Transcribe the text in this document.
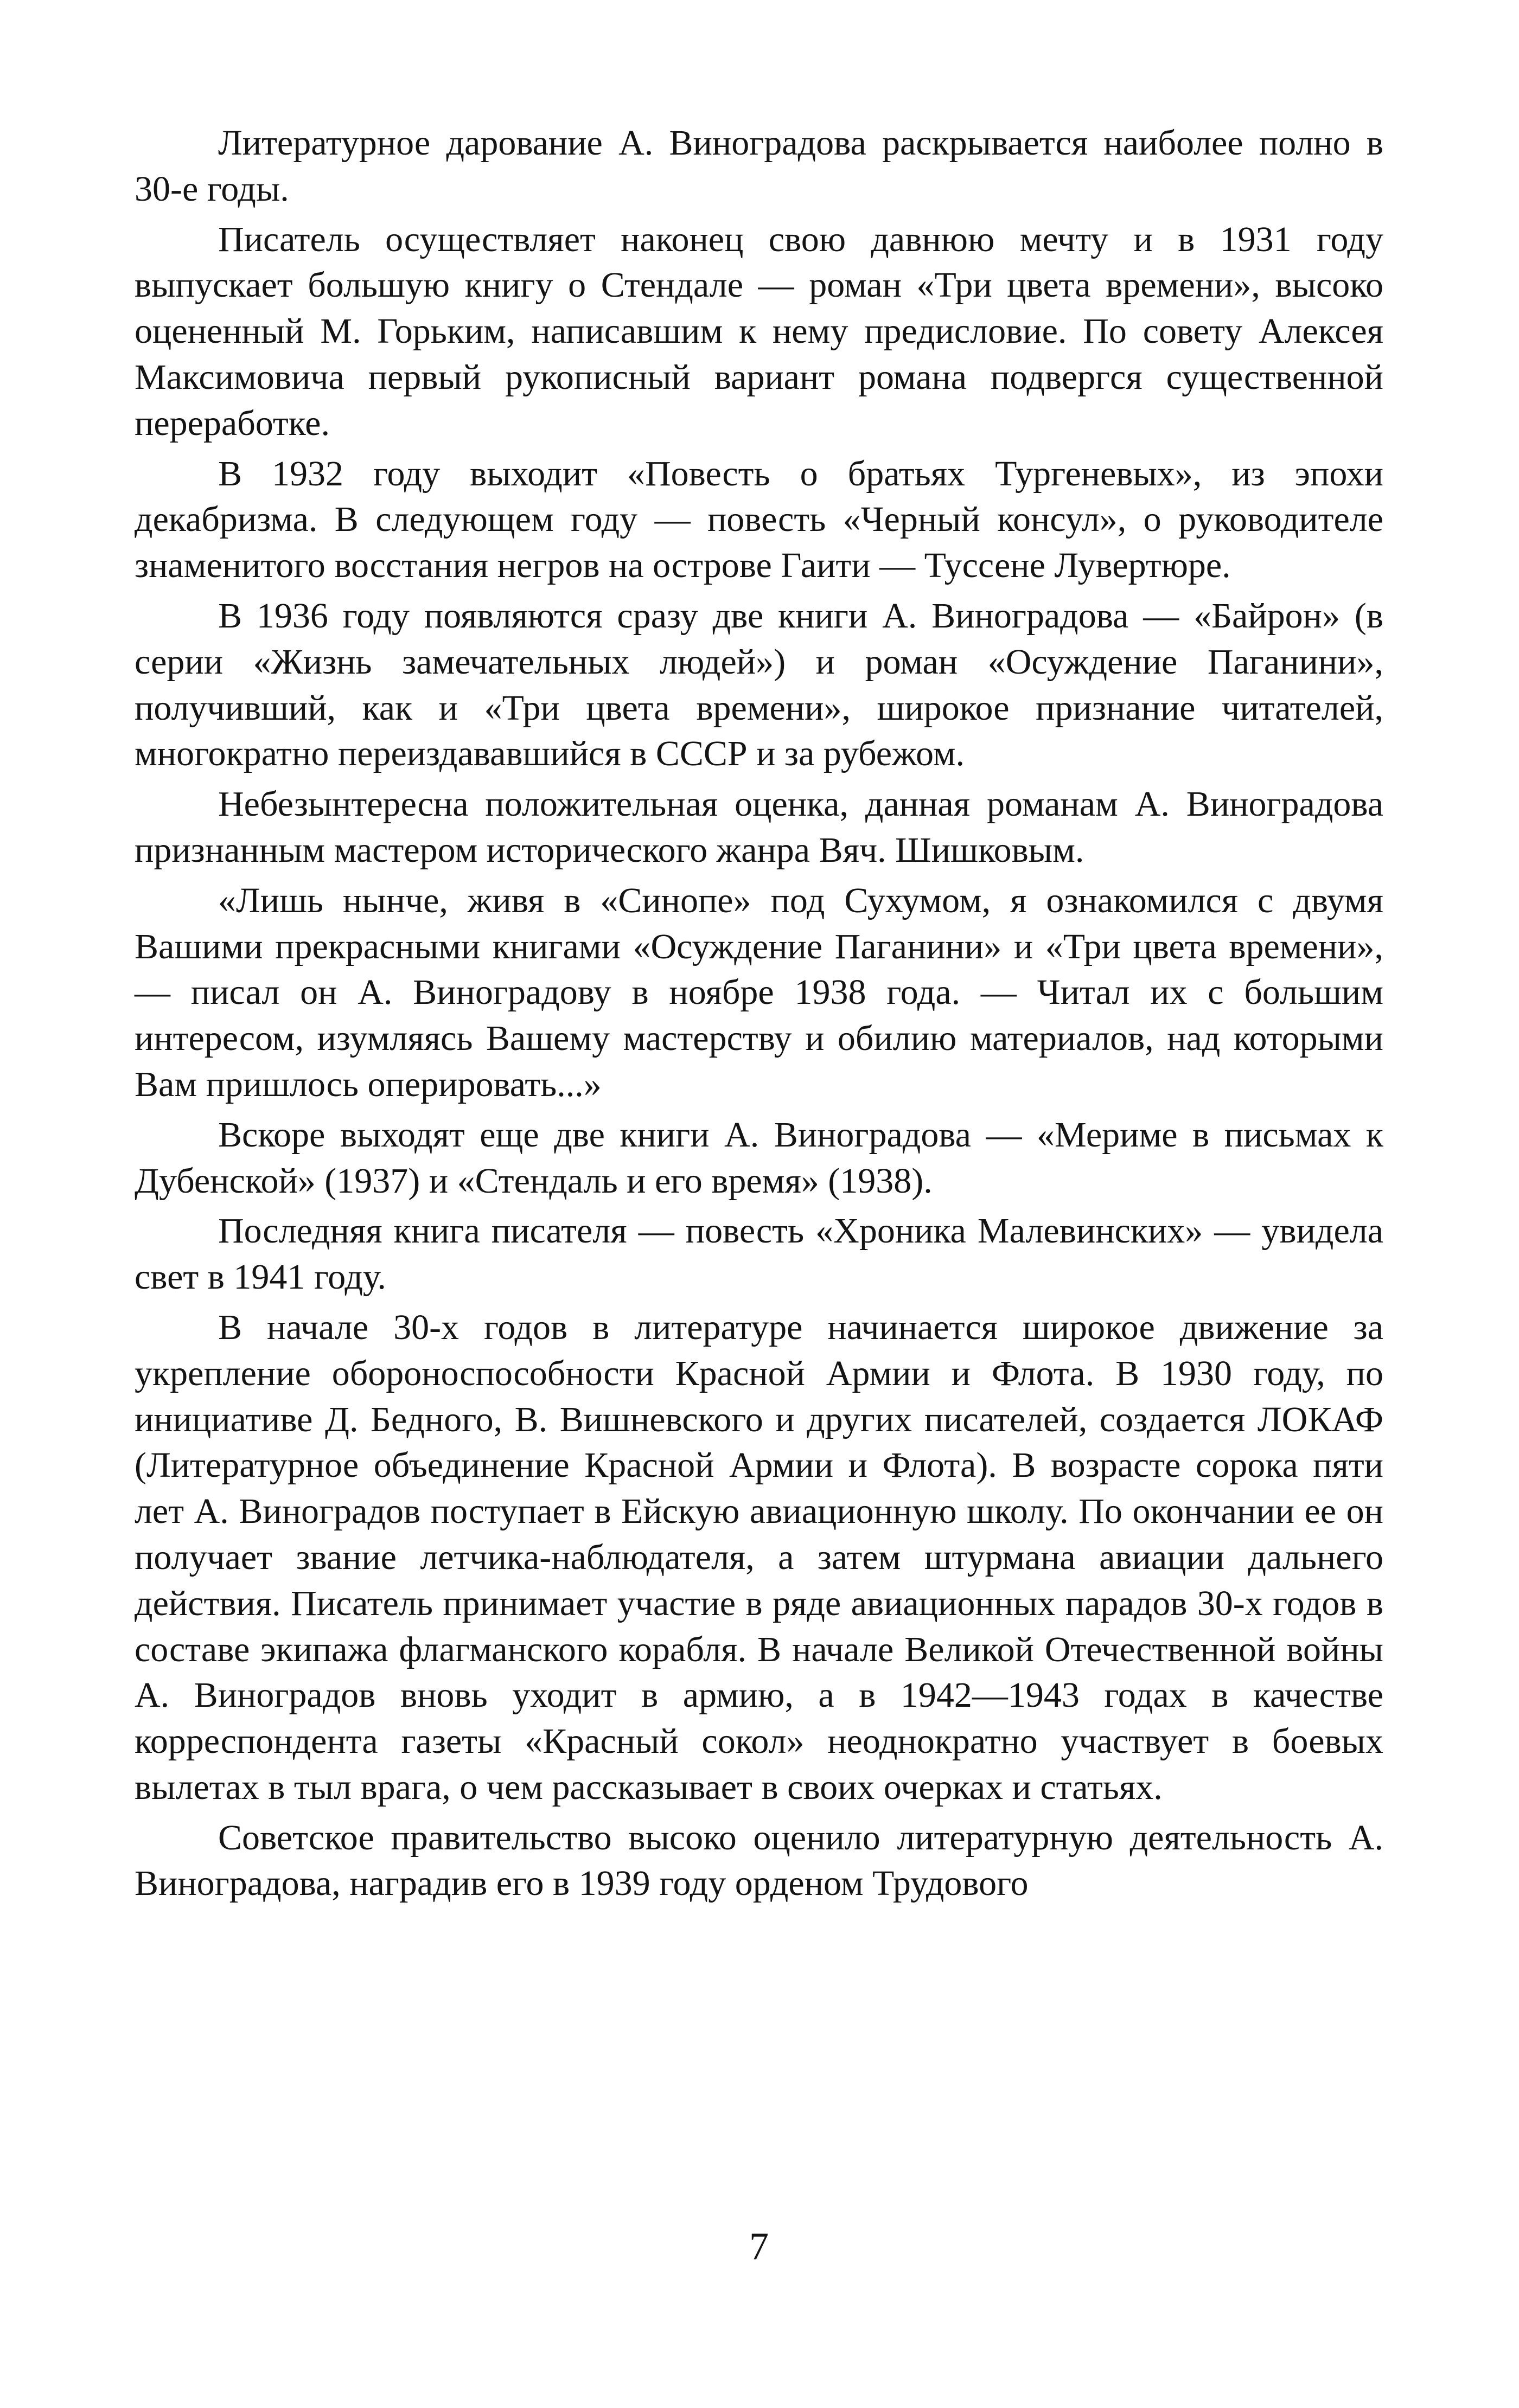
Литературное дарование А. Виноградова раскрывается наиболее полно в 30-е годы.

Писатель осуществляет наконец свою давнюю мечту и в 1931 году выпускает большую книгу о Стендале — роман «Три цвета времени», высоко оцененный М. Горьким, написавшим к нему предисловие. По совету Алексея Максимовича первый рукописный вариант романа подвергся существенной переработке.

В 1932 году выходит «Повесть о братьях Тургеневых», из эпохи декабризма. В следующем году — повесть «Черный консул», о руководителе знаменитого восстания негров на острове Гаити — Туссене Лувертюре.

В 1936 году появляются сразу две книги А. Виноградова — «Байрон» (в серии «Жизнь замечательных людей») и роман «Осуждение Паганини», получивший, как и «Три цвета времени», широкое признание читателей, многократно переиздававшийся в СССР и за рубежом.

Небезынтересна положительная оценка, данная романам А. Виноградова признанным мастером исторического жанра Вяч. Шишковым.

«Лишь нынче, живя в «Синопе» под Сухумом, я ознакомился с двумя Вашими прекрасными книгами «Осуждение Паганини» и «Три цвета времени», — писал он А. Виноградову в ноябре 1938 года. — Читал их с большим интересом, изумляясь Вашему мастерству и обилию материалов, над которыми Вам пришлось оперировать...»

Вскоре выходят еще две книги А. Виноградова — «Мериме в письмах к Дубенской» (1937) и «Стендаль и его время» (1938).

Последняя книга писателя — повесть «Хроника Малевинских» — увидела свет в 1941 году.

В начале 30-х годов в литературе начинается широкое движение за укрепление обороноспособности Красной Армии и Флота. В 1930 году, по инициативе Д. Бедного, В. Вишневского и других писателей, создается ЛОКАФ (Литературное объединение Красной Армии и Флота). В возрасте сорока пяти лет А. Виноградов поступает в Ейскую авиационную школу. По окончании ее он получает звание летчика-наблюдателя, а затем штурмана авиации дальнего действия. Писатель принимает участие в ряде авиационных парадов 30-х годов в составе экипажа флагманского корабля. В начале Великой Отечественной войны А. Виноградов вновь уходит в армию, а в 1942—1943 годах в качестве корреспондента газеты «Красный сокол» неоднократно участвует в боевых вылетах в тыл врага, о чем рассказывает в своих очерках и статьях.

Советское правительство высоко оценило литературную деятельность А. Виноградова, наградив его в 1939 году орденом Трудового

7
